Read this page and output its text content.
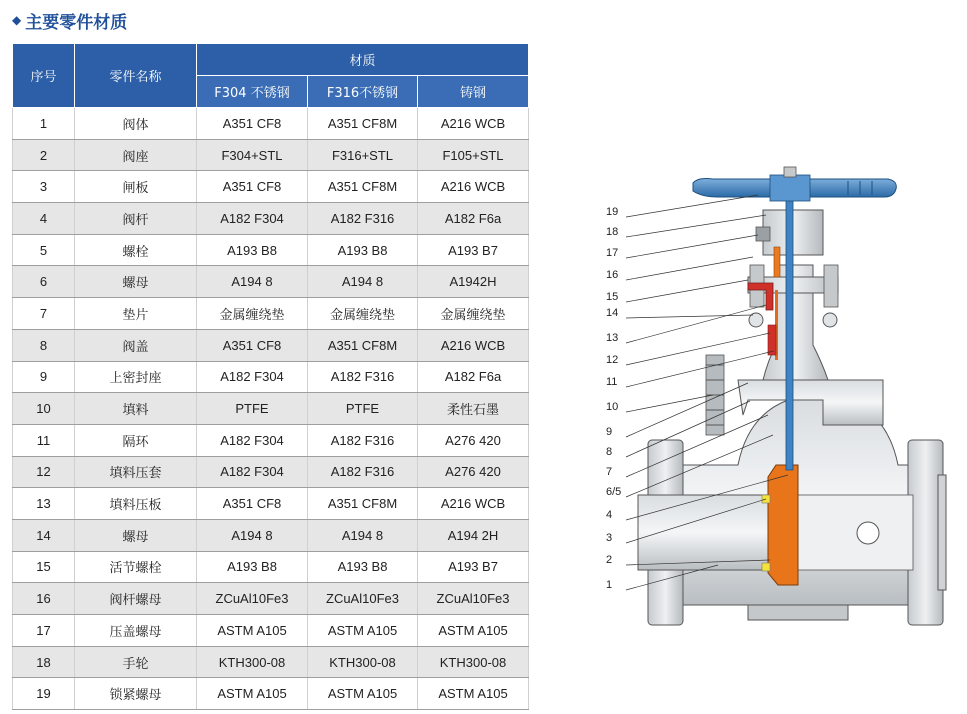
◆ 主要零件材质
序号	零件名称	材质		
		F304 不锈钢	F316不锈钢	铸钢
1	阀体	A351 CF8	A351 CF8M	A216 WCB
2	阀座	F304+STL	F316+STL	F105+STL
3	闸板	A351 CF8	A351 CF8M	A216 WCB
4	阀杆	A182 F304	A182 F316	A182 F6a
5	螺栓	A193 B8	A193 B8	A193 B7
6	螺母	A194 8	A194 8	A1942H
7	垫片	金属缠绕垫	金属缠绕垫	金属缠绕垫
8	阀盖	A351 CF8	A351 CF8M	A216 WCB
9	上密封座	A182 F304	A182 F316	A182 F6a
10	填料	PTFE	PTFE	柔性石墨
11	隔环	A182 F304	A182 F316	A276 420
12	填料压套	A182 F304	A182 F316	A276 420
13	填料压板	A351 CF8	A351 CF8M	A216 WCB
14	螺母	A194 8	A194 8	A194 2H
15	活节螺栓	A193 B8	A193 B8	A193 B7
16	阀杆螺母	ZCuAl10Fe3	ZCuAl10Fe3	ZCuAl10Fe3
17	压盖螺母	ASTM A105	ASTM A105	ASTM A105
18	手轮	KTH300-08	KTH300-08	KTH300-08
19	锁紧螺母	ASTM A105	ASTM A105	ASTM A105
19
18
17
16
15
14
13
12
11
10
9
8
7
6/5
4
3
2
1
